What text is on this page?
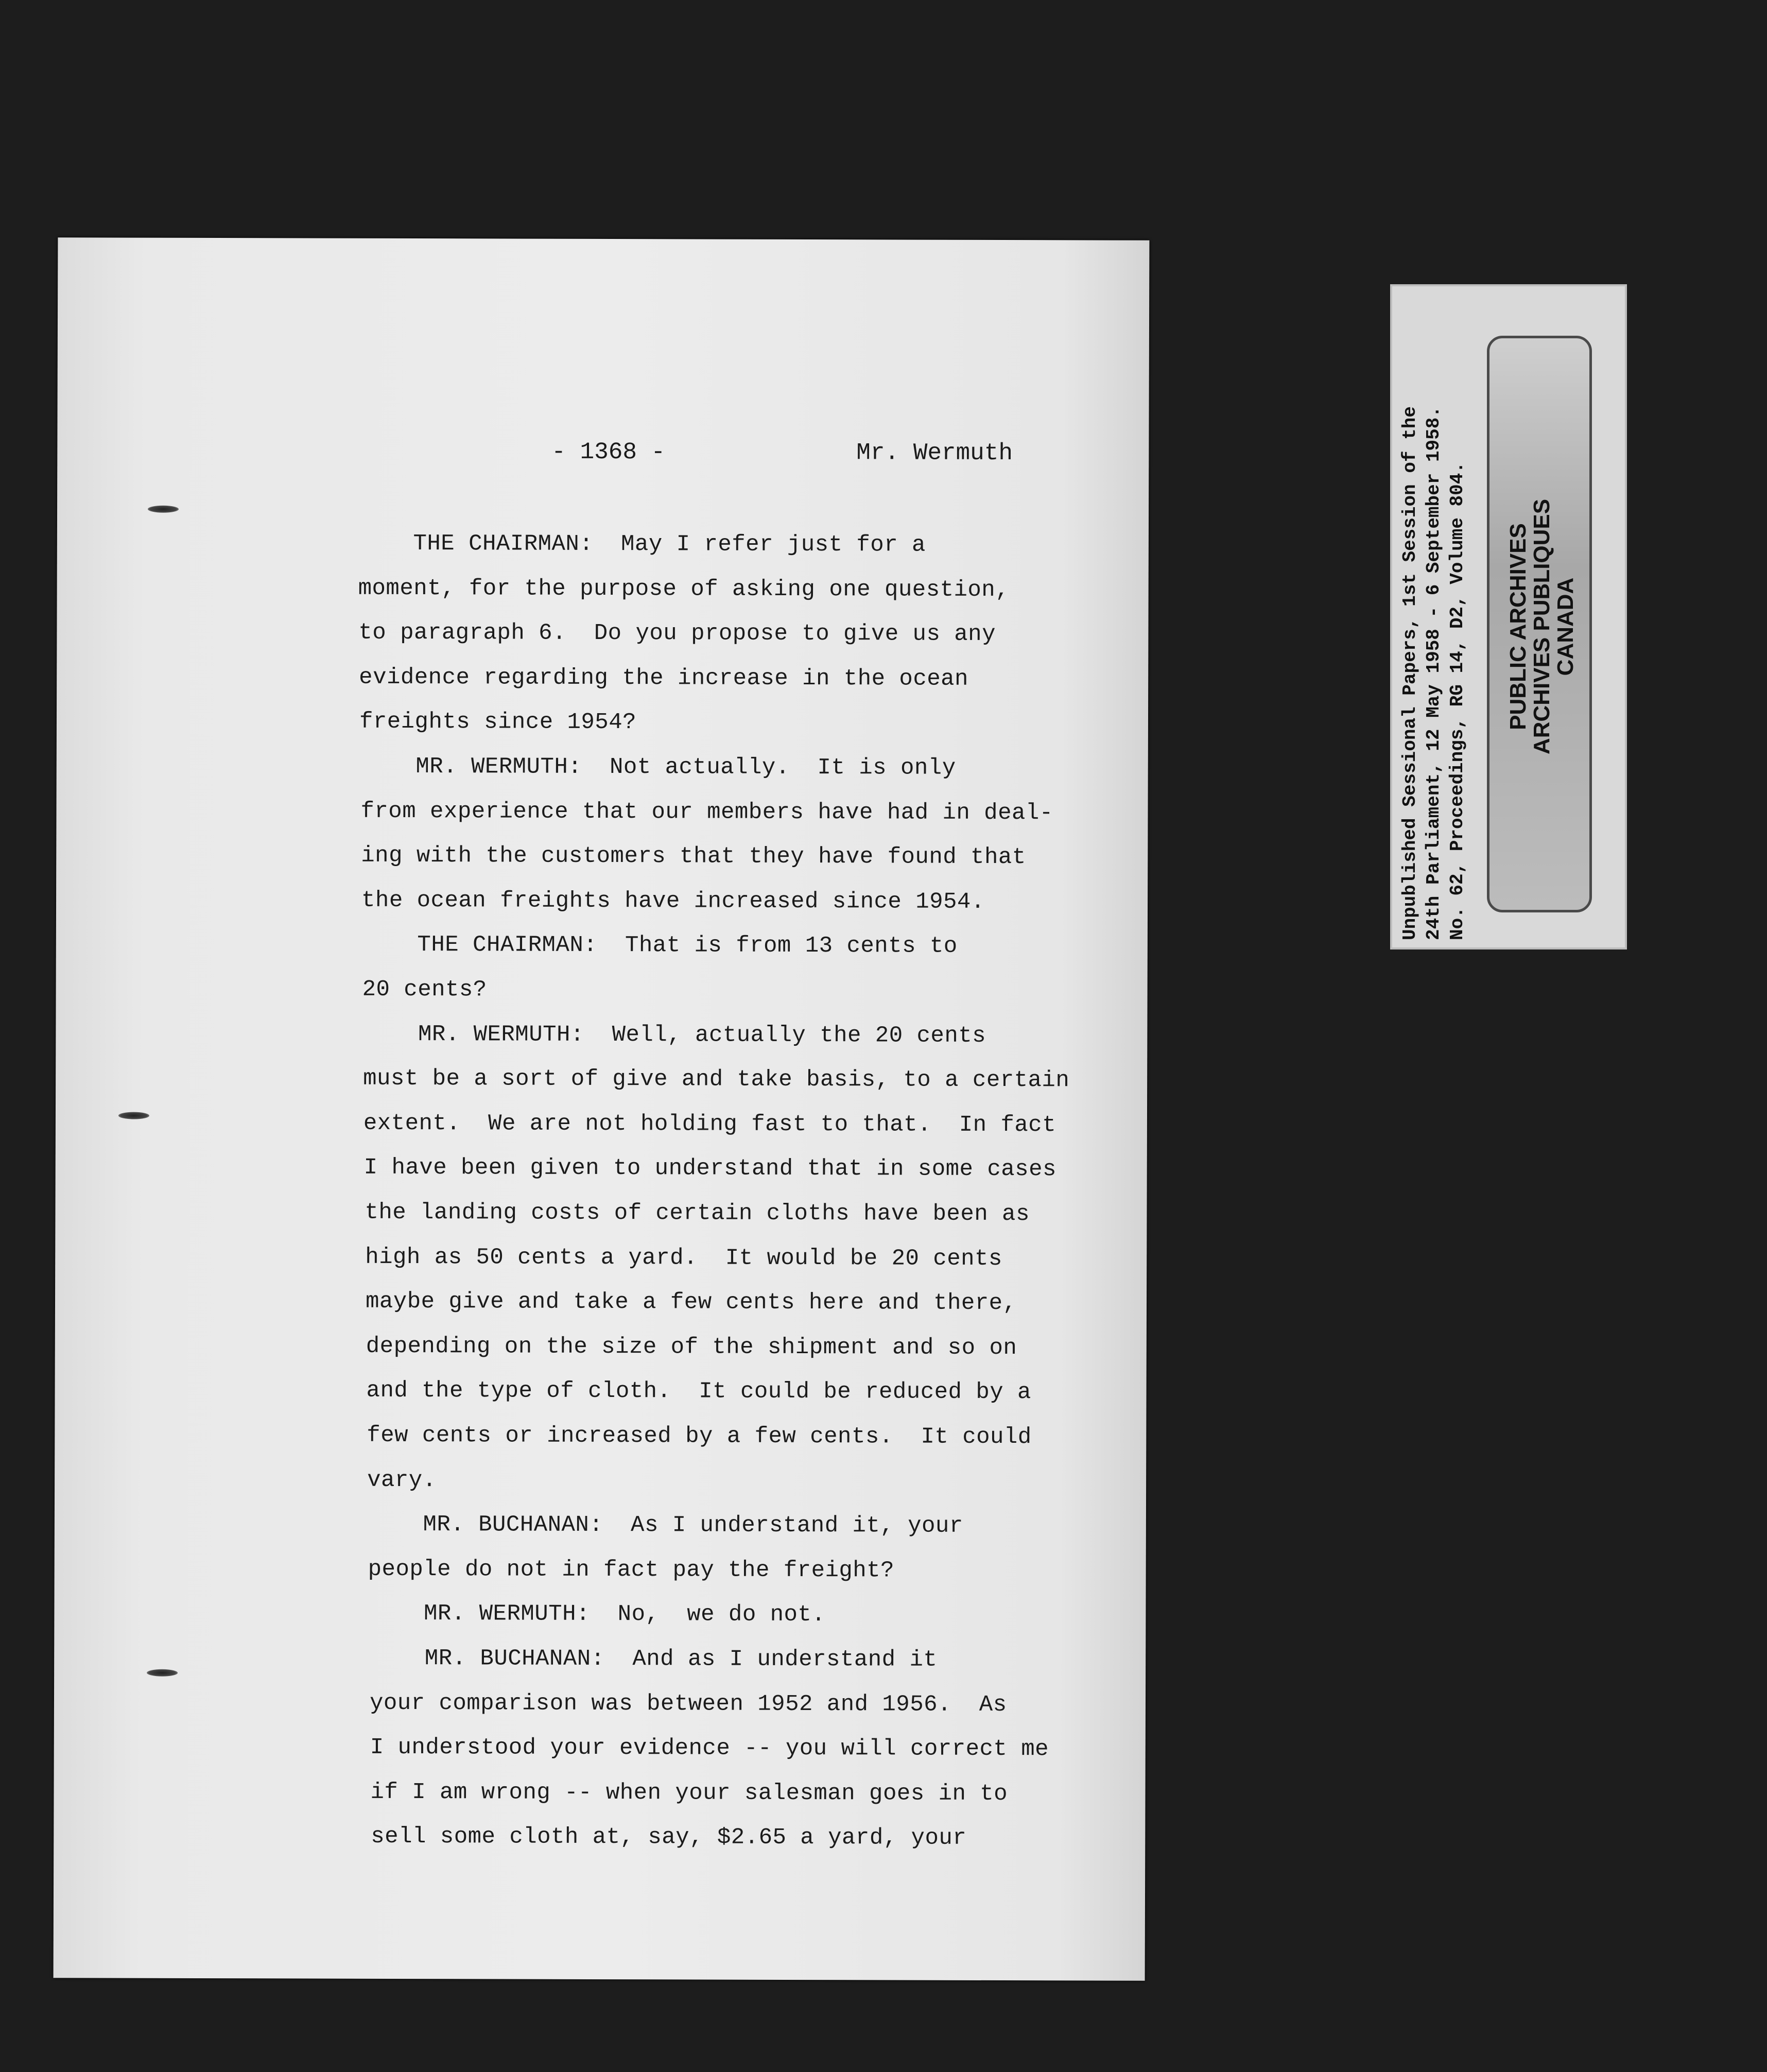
- 1368 -	Mr. Wermuth
THE CHAIRMAN:  May I refer just for a
moment, for the purpose of asking one question,
to paragraph 6.  Do you propose to give us any
evidence regarding the increase in the ocean
freights since 1954?
MR. WERMUTH:  Not actually.  It is only
from experience that our members have had in deal-
ing with the customers that they have found that
the ocean freights have increased since 1954.
THE CHAIRMAN:  That is from 13 cents to
20 cents?
MR. WERMUTH:  Well, actually the 20 cents
must be a sort of give and take basis, to a certain
extent.  We are not holding fast to that.  In fact
I have been given to understand that in some cases
the landing costs of certain cloths have been as
high as 50 cents a yard.  It would be 20 cents
maybe give and take a few cents here and there,
depending on the size of the shipment and so on
and the type of cloth.  It could be reduced by a
few cents or increased by a few cents.  It could
vary.
MR. BUCHANAN:  As I understand it, your
people do not in fact pay the freight?
MR. WERMUTH:  No,  we do not.
MR. BUCHANAN:  And as I understand it
your comparison was between 1952 and 1956.  As
I understood your evidence -- you will correct me
if I am wrong -- when your salesman goes in to
sell some cloth at, say, $2.65 a yard, your
Unpublished Sessional Papers, 1st Session of the 24th Parliament, 12 May 1958 - 6 September 1958. No. 62, Proceedings, RG 14, D2, Volume 804. PUBLIC ARCHIVES
ARCHIVES PUBLIQUES
CANADA
